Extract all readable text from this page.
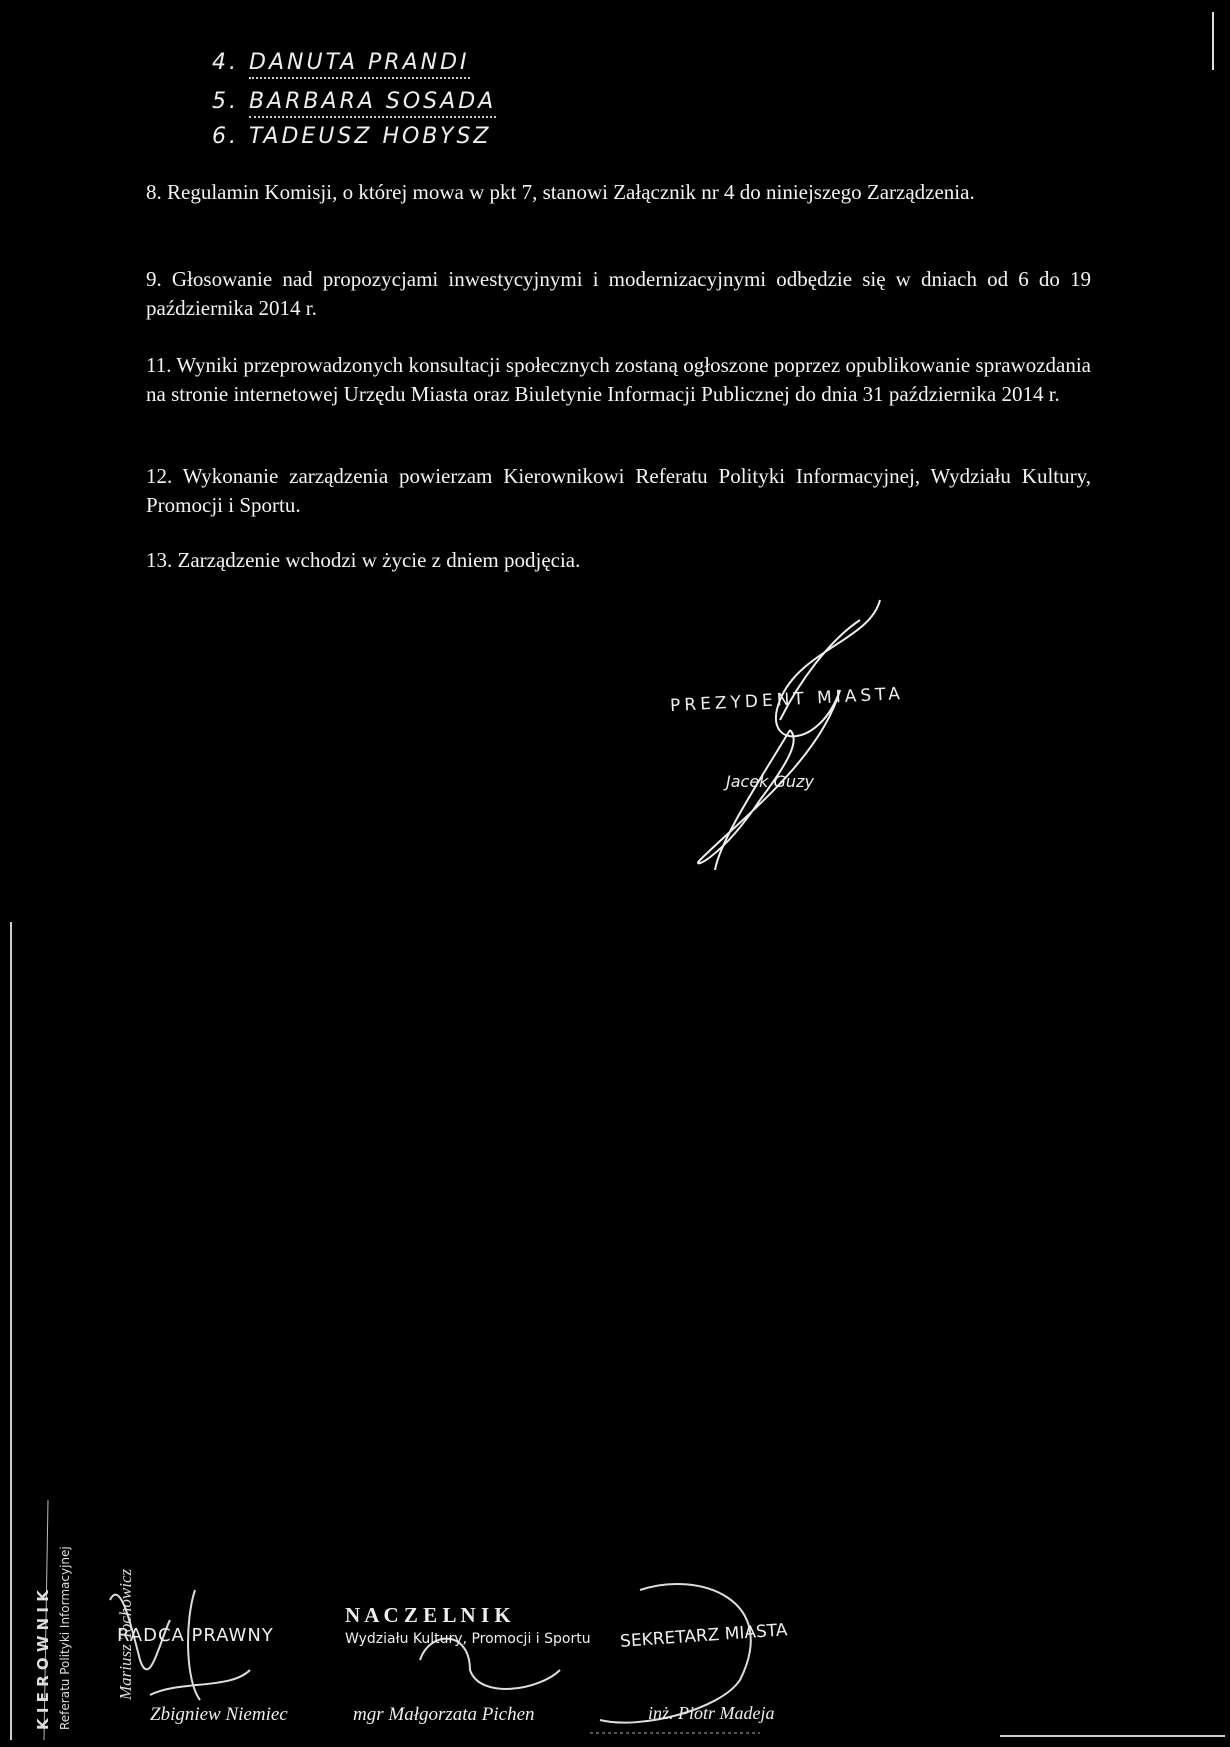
4. DANUTA PRANDI
5. BARBARA SOSADA
6. TADEUSZ HOBYSZ
8. Regulamin Komisji, o której mowa w pkt 7, stanowi Załącznik nr 4 do niniejszego Zarządzenia.
9. Głosowanie nad propozycjami inwestycyjnymi i modernizacyjnymi odbędzie się w dniach od 6 do 19 października 2014 r.
11. Wyniki przeprowadzonych konsultacji społecznych zostaną ogłoszone poprzez opublikowanie sprawozdania na stronie internetowej Urzędu Miasta oraz Biuletynie Informacji Publicznej do dnia 31 października 2014 r.
12. Wykonanie zarządzenia powierzam Kierownikowi Referatu Polityki Informacyjnej, Wydziału Kultury, Promocji i Sportu.
13. Zarządzenie wchodzi w życie z dniem podjęcia.
PREZYDENT MIASTA
Jacek Guzy
RADCA PRAWNY
Zbigniew Niemiec
N A C Z E L N I K
Wydziału Kultury, Promocji i Sportu
mgr Małgorzata Pichen
SEKRETARZ MIASTA
inż. Piotr Madeja
K I E R O W N I K Referatu Polityki Informacyjnej	Mariusz Tochowicz
